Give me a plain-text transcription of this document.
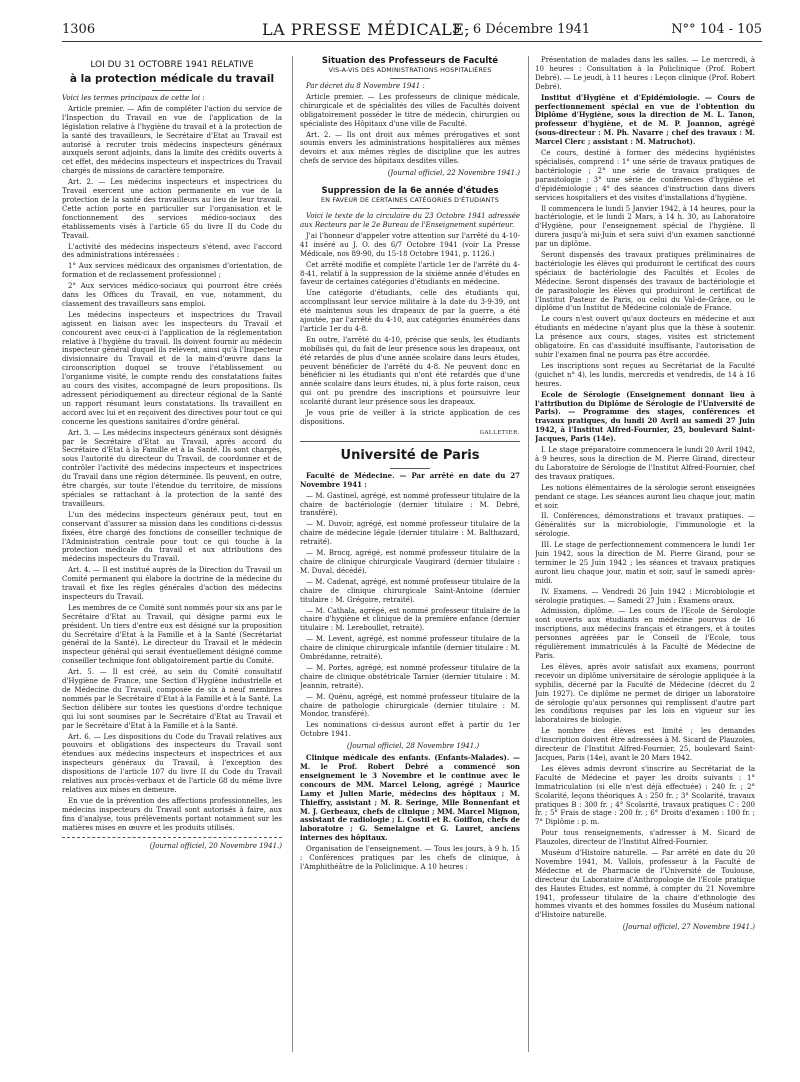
1306	LA PRESSE MÉDICALE,
3 - 6 Décembre 1941	N°° 104 - 105
LOI DU 31 OCTOBRE 1941 RELATIVE
à la protection médicale du travail

Voici les termes principaux de cette loi :

Article premier. — Afin de compléter l'action du service de l'Inspection du Travail en vue de l'application de la législation relative à l'hygiène du travail et à la protection de la santé des travailleurs, le Secrétaire d'Etat au Travail est autorisé à recruter trois médecins inspecteurs généraux auxquels seront adjoints, dans la limite des crédits ouverts à cet effet, des médecins inspecteurs et inspectrices du Travail chargés de missions de caractère temporaire.

Art. 2. — Les médecins inspecteurs et inspectrices du Travail exercent une action permanente en vue de la protection de la santé des travailleurs au lieu de leur travail. Cette action porte en particulier sur l'organisation et le fonctionnement des services médico-sociaux des établissements visés à l'article 65 du livre II du Code du Travail.

L'activité des médecins inspecteurs s'étend, avec l'accord des administrations intéressées :

1° Aux services médicaux des organismes d'orientation, de formation et de reclassement professionnel ;

2° Aux services médico-sociaux qui pourront être créés dans les Offices du Travail, en vue, notamment, du classement des travailleurs sans emploi.

Les médecins inspecteurs et inspectrices du Travail agissent en liaison avec les inspecteurs du Travail et concourent avec ceux-ci à l'application de la réglementation relative à l'hygiène du travail. Ils doivent fournir au médecin inspecteur général duquel ils relèvent, ainsi qu'à l'Inspecteur divisionnaire du Travail et de la main-d'œuvre dans la circonscription duquel se trouve l'établissement ou l'organisme visité, le compte rendu des constatations faites au cours des visites, accompagné de leurs propositions. Ils adressent périodiquement au directeur régional de la Santé un rapport résumant leurs constatations. Ils travaillent en accord avec lui et en reçoivent des directives pour tout ce qui concerne les questions sanitaires d'ordre général.

Art. 3. — Les médecins inspecteurs généraux sont désignés par le Secrétaire d'Etat au Travail, après accord du Secrétaire d'Etat à la Famille et à la Santé. Ils sont chargés, sous l'autorité du directeur du Travail, de coordonner et de contrôler l'activité des médecins inspecteurs et inspectrices du Travail dans une région déterminée. Ils peuvent, en outre, être chargés, sur toute l'étendue du territoire, de missions spéciales se rattachant à la protection de la santé des travailleurs.

L'un des médecins inspecteurs généraux peut, tout en conservant d'assurer sa mission dans les conditions ci-dessus fixées, être chargé des fonctions de conseiller technique de l'Administration centrale pour tout ce qui touche à la protection médicale du travail et aux attributions des médecins inspecteurs du Travail.

Art. 4. — Il est institué auprès de la Direction du Travail un Comité permanent qui élabore la doctrine de la médecine du travail et fixe les règles générales d'action des médecins inspecteurs du Travail.

Les membres de ce Comité sont nommés pour six ans par le Secrétaire d'Etat au Travail, qui désigne parmi eux le président. Un tiers d'entre eux est désigné sur la proposition du Secrétaire d'Etat à la Famille et à la Santé (Secrétariat général de la Santé). Le directeur du Travail et le médecin inspecteur général qui serait éventuellement désigné comme conseiller technique font obligatoirement partie du Comité.

Art. 5. — Il est créé, au sein du Comité consultatif d'Hygiène de France, une Section d'Hygiène industrielle et de Médecine du Travail, composée de six à neuf membres nommés par le Secrétaire d'Etat à la Famille et à la Santé. La Section délibère sur toutes les questions d'ordre technique qui lui sont soumises par le Secrétaire d'Etat au Travail et par le Secrétaire d'Etat à la Famille et à la Santé.

Art. 6. — Les dispositions du Code du Travail relatives aux pouvoirs et obligations des inspecteurs du Travail sont étendues aux médecins inspecteurs et inspectrices et aux inspecteurs généraux du Travail, à l'exception des dispositions de l'article 107 du livre II du Code du Travail relatives aux procès-verbaux et de l'article 68 du même livre relatives aux mises en demeure.

En vue de la prévention des affections professionnelles, les médecins inspecteurs du Travail sont autorisés à faire, aux fins d'analyse, tous prélèvements portant notamment sur les matières mises en œuvre et les produits utilisés.

(Journal officiel, 20 Novembre 1941.)

Situation des Professeurs de Faculté
VIS-A-VIS DES ADMINISTRATIONS HOSPITALIÈRES

Par décret du 8 Novembre 1941 :

Article premier. — Les professeurs de clinique médicale, chirurgicale et de spécialités des villes de Facultés doivent obligatoirement posséder le titre de médecin, chirurgien ou spécialiste des Hôpitaux d'une ville de Faculté.

Art. 2. — Ils ont droit aux mêmes prérogatives et sont soumis envers les administrations hospitalières aux mêmes devoirs et aux mêmes règles de discipline que les autres chefs de service des hôpitaux desdites villes.

(Journal officiel, 22 Novembre 1941.)

Suppression de la 6e année d'études
EN FAVEUR DE CERTAINES CATÉGORIES D'ÉTUDIANTS

Voici le texte de la circulaire du 23 Octobre 1941 adressée aux Recteurs par le 2e Bureau de l'Enseignement supérieur.

J'ai l'honneur d'appeler votre attention sur l'arrêté du 4-10-41 inséré au J. O. des 6/7 Octobre 1941 (voir La Presse Médicale, nos 89-90, du 15-18 Octobre 1941, p. 1126.)

Cet arrêté modifie et complète l'article 1er de l'arrêté du 4-8-41, relatif à la suppression de la sixième année d'études en faveur de certaines catégories d'étudiants en médecine.

Une catégorie d'étudiants, celle des étudiants qui, accomplissant leur service militaire à la date du 3-9-39, ont été maintenus sous les drapeaux de par la guerre, a été ajoutée, par l'arrêté du 4-10, aux catégories énumérées dans l'article 1er du 4-8.

En outre, l'arrêté du 4-10, précise que seuls, les étudiants mobilisés qui, du fait de leur présence sous les drapeaux, ont été retardés de plus d'une année scolaire dans leurs études, peuvent bénéficier de l'arrêté du 4-8. Ne peuvent donc en bénéficier ni les étudiants qui n'ont été retardés que d'une année scolaire dans leurs études, ni, à plus forte raison, ceux qui ont pu prendre des inscriptions et poursuivre leur scolarité durant leur présence sous les drapeaux.

Je vous prie de veiller à la stricte application de ces dispositions.

GALLETIER.

Université de Paris

Faculté de Médecine. — Par arrêté en date du 27 Novembre 1941 :

— M. Gastinel, agrégé, est nommé professeur titulaire de la chaire de bactériologie (dernier titulaire : M. Debré, transféré).

— M. Duvoir, agrégé, est nommé professeur titulaire de la chaire de médecine légale (dernier titulaire : M. Balthazard, retraité).

— M. Brocq, agrégé, est nommé professeur titulaire de la chaire de clinique chirurgicale Vaugirard (dernier titulaire : M. Duval, décédé).

— M. Cadenat, agrégé, est nommé professeur titulaire de la chaire de clinique chirurgicale Saint-Antoine (dernier titulaire : M. Grégoire, retraité).

— M. Cathala, agrégé, est nommé professeur titulaire de la chaire d'hygiène et clinique de la première enfance (dernier titulaire : M. Lereboullet, retraité).

— M. Levent, agrégé, est nommé professeur titulaire de la chaire de clinique chirurgicale infantile (dernier titulaire : M. Ombrédanne, retraité).

— M. Portes, agrégé, est nommé professeur titulaire de la chaire de clinique obstétricale Tarnier (dernier titulaire : M. Jeannin, retraité).

— M. Quénu, agrégé, est nommé professeur titulaire de la chaire de pathologie chirurgicale (dernier titulaire : M. Mondor, transféré).

Les nominations ci-dessus auront effet à partir du 1er Octobre 1941.

(Journal officiel, 28 Novembre 1941.)

Clinique médicale des enfants. (Enfants-Malades). — M. le Prof. Robert Debré a commencé son enseignement le 3 Novembre et le continue avec le concours de MM. Marcel Lelong, agrégé ; Maurice Lamy et Julien Marie, médecins des hôpitaux ; M. Thieffry, assistant ; M. R. Seringe, Mlle Bonnenfant et M. J. Gerbeaux, chefs de clinique ; MM. Marcel Mignon, assistant de radiologie ; L. Costil et R. Goiffon, chefs de laboratoire ; G. Semelaigne et G. Lauret, anciens internes des hôpitaux.

Organisation de l'enseignement. — Tous les jours, à 9 h. 15 : Conférences pratiques par les chefs de clinique, à l'Amphithéâtre de la Policlinique. A 10 heures :

Présentation de malades dans les salles. — Le mercredi, à 10 heures : Consultation à la Policlinique (Prof. Robert Debré). — Le jeudi, à 11 heures : Leçon clinique (Prof. Robert Debré).

Institut d'Hygiène et d'Epidémiologie. — Cours de perfectionnement spécial en vue de l'obtention du Diplôme d'Hygiène, sous la direction de M. L. Tanon, professeur d'hygiène, et de M. P. Joannon, agrégé (sous-directeur : M. Ph. Navarre ; chef des travaux : M. Marcel Clerc ; assistant : M. Matruchot).

Ce cours, destiné à former des médecins hygiénistes spécialisés, comprend : 1° une série de travaux pratiques de bactériologie ; 2° une série de travaux pratiques de parasitologie ; 3° une série de conférences d'hygiène et d'épidémiologie ; 4° des séances d'instruction dans divers services hospitaliers et des visites d'installations d'hygiène.

Il commencera le lundi 5 Janvier 1942, à 14 heures, pour la bactériologie, et le lundi 2 Mars, à 14 h. 30, au Laboratoire d'Hygiène, pour l'enseignement spécial de l'hygiène. Il durera jusqu'à mi-Juin et sera suivi d'un examen sanctionné par un diplôme.

Seront dispensés des travaux pratiques préliminaires de bactériologie les élèves qui produiront le certificat des cours spéciaux de bactériologie des Facultés et Ecoles de Médecine. Seront dispensés des travaux de bactériologie et de parasitologie les élèves qui produiront le certificat de l'Institut Pasteur de Paris, ou celui du Val-de-Grâce, ou le diplôme d'un Institut de Médecine coloniale de France.

Le cours n'est ouvert qu'aux docteurs en médecine et aux étudiants en médecine n'ayant plus que la thèse à soutenir. La présence aux cours, stages, visites est strictement obligatoire. En cas d'assiduité insuffisante, l'autorisation de subir l'examen final ne pourra pas être accordée.

Les inscriptions sont reçues au Secrétariat de la Faculté (guichet n° 4), les lundis, mercredis et vendredis, de 14 à 16 heures.

Ecole de Sérologie (Enseignement donnant lieu à l'attribution du Diplôme de Sérologie de l'Université de Paris). — Programme des stages, conférences et travaux pratiques, du lundi 20 Avril au samedi 27 Juin 1942, à l'Institut Alfred-Fournier, 25, boulevard Saint-Jacques, Paris (14e).

I. Le stage préparatoire commencera le lundi 20 Avril 1942, à 9 heures, sous la direction de M. Pierre Girand, directeur du Laboratoire de Sérologie de l'Institut Alfred-Fournier, chef des travaux pratiques.

Les notions élémentaires de la sérologie seront enseignées pendant ce stage. Les séances auront lieu chaque jour, matin et soir.

II. Conférences, démonstrations et travaux pratiques. — Généralités sur la microbiologie, l'immunologie et la sérologie.

III. Le stage de perfectionnement commencera le lundi 1er Juin 1942, sous la direction de M. Pierre Girand, pour se terminer le 25 Juin 1942 ; les séances et travaux pratiques auront lieu chaque jour, matin et soir, sauf le samedi après-midi.

IV. Examens. — Vendredi 26 Juin 1942 : Microbiologie et sérologie pratiques. — Samedi 27 Juin : Examens oraux.

Admission, diplôme. — Les cours de l'Ecole de Sérologie sont ouverts aux étudiants en médecine pourvus de 16 inscriptions, aux médecins français et étrangers, et à toutes personnes agréées par le Conseil de l'Ecole, tous régulièrement immatriculés à la Faculté de Médecine de Paris.

Les élèves, après avoir satisfait aux examens, pourront recevoir un diplôme universitaire de sérologie appliquée à la syphilis, décerné par la Faculté de Médecine (décret du 2 Juin 1927). Ce diplôme ne permet de diriger un laboratoire de sérologie qu'aux personnes qui remplissent d'autre part les conditions requises par les lois en vigueur sur les laboratoires de biologie.

Le nombre des élèves est limité ; les demandes d'inscription doivent être adressées à M. Sicard de Plauzoles, directeur de l'Institut Alfred-Fournier, 25, boulevard Saint-Jacques, Paris (14e), avant le 20 Mars 1942.

Les élèves admis devront s'inscrire au Secrétariat de la Faculté de Médecine et payer les droits suivants : 1° Immatriculation (si elle n'est déjà effectuée) : 240 fr. ; 2° Scolarité, leçons théoriques A : 250 fr. ; 3° Scolarité, travaux pratiques B : 300 fr. ; 4° Scolarité, travaux pratiques C : 200 fr. ; 5° Frais de stage : 200 fr. ; 6° Droits d'examen : 100 fr. ; 7° Diplôme : p. m.

Pour tous renseignements, s'adresser à M. Sicard de Plauzoles, directeur de l'Institut Alfred-Fournier.

Muséum d'Histoire naturelle. — Par arrêté en date du 20 Novembre 1941, M. Vallois, professeur à la Faculté de Médecine et de Pharmacie de l'Université de Toulouse, directeur du Laboratoire d'Anthropologie de l'Ecole pratique des Hautes Etudes, est nommé, à compter du 21 Novembre 1941, professeur titulaire de la chaire d'ethnologie des hommes vivants et des hommes fossiles du Muséum national d'Histoire naturelle.

(Journal officiel, 27 Novembre 1941.)
